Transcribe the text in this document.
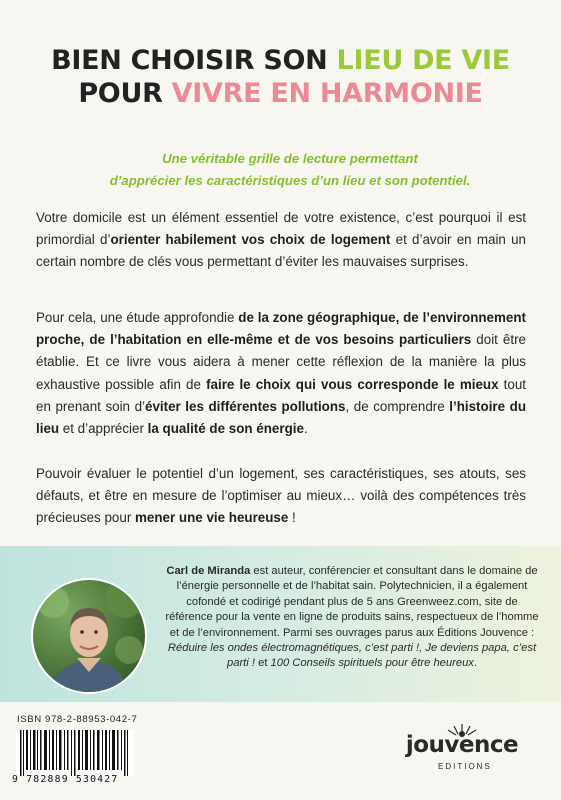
BIEN CHOISIR SON LIEU DE VIE
POUR VIVRE EN HARMONIE
Une véritable grille de lecture permettant
d’apprécier les caractéristiques d’un lieu et son potentiel.
Votre domicile est un élément essentiel de votre existence, c’est pourquoi il est primordial d’orienter habilement vos choix de logement et d’avoir en main un certain nombre de clés vous permettant d’éviter les mauvaises surprises.
Pour cela, une étude approfondie de la zone géographique, de l’environnement proche, de l’habitation en elle-même et de vos besoins particuliers doit être établie. Et ce livre vous aidera à mener cette réflexion de la manière la plus exhaustive possible afin de faire le choix qui vous corresponde le mieux tout en prenant soin d’éviter les différentes pollutions, de comprendre l’histoire du lieu et d’apprécier la qualité de son énergie.
Pouvoir évaluer le potentiel d’un logement, ses caractéristiques, ses atouts, ses défauts, et être en mesure de l’optimiser au mieux… voilà des compétences très précieuses pour mener une vie heureuse !
Carl de Miranda est auteur, conférencier et consultant dans le domaine de l’énergie personnelle et de l’habitat sain. Polytechnicien, il a également cofondé et codirigé pendant plus de 5 ans Greenweez.com, site de référence pour la vente en ligne de produits sains, respectueux de l’homme et de l’environnement. Parmi ses ouvrages parus aux Éditions Jouvence : Réduire les ondes électromagnétiques, c’est parti !, Je deviens papa, c’est parti ! et 100 Conseils spirituels pour être heureux.
ISBN 978-2-88953-042-7
9 782889 530427
jouvence
EDITIONS
